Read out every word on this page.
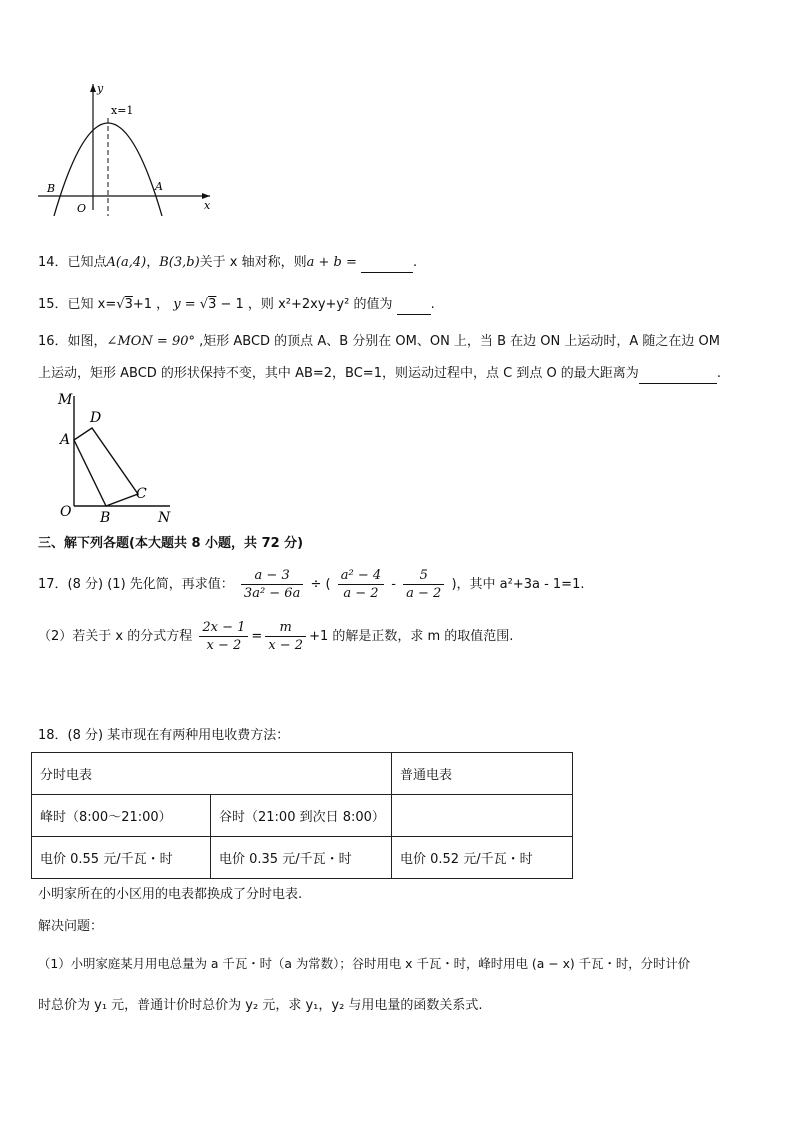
y
x=1
B	A
O	x
14．已知点A(a,4)，B(3,b)关于 x 轴对称，则a + b =	.
15．已知 x=√3+1 ， y = √3 − 1 ，则 x²+2xy+y² 的值为	.
16．如图，∠MON = 90° ,矩形 ABCD 的顶点 A、B 分别在 OM、ON 上，当 B 在边 ON 上运动时，A 随之在边 OM
上运动，矩形 ABCD 的形状保持不变，其中 AB=2，BC=1，则运动过程中，点 C 到点 O 的最大距离为	.
M
D
A
C
O B	N
三、解下列各题(本大题共 8 小题，共 72 分)
17．(8 分) (1) 先化简，再求值： $\frac{a - 3}{\text{3a² − 6a}}$ ÷ ( $\frac{\text{a² − 4}}{a - 2} - \frac{5}{a - 2}$ )，其中 a²+3a - 1=1.
（2）若关于 x 的分式方程 $\frac{2x - 1}{x - 2} = \frac{m}{x - 2} +1$ 的解是正数，求 m 的取值范围.
18．(8 分) 某市现在有两种用电收费方法：
分时电表		普通电表
峰时（8:00～21:00）	谷时（21:00 到次日 8:00）	
电价 0.55 元/千瓦・时	电价 0.35 元/千瓦・时	电价 0.52 元/千瓦・时
小明家所在的小区用的电表都换成了分时电表.
解决问题：
（1）小明家庭某月用电总量为 a 千瓦・时（a 为常数）；谷时用电 x 千瓦・时，峰时用电 (a − x) 千瓦・时，分时计价
时总价为 y₁ 元，普通计价时总价为 y₂ 元，求 y₁，y₂ 与用电量的函数关系式.
